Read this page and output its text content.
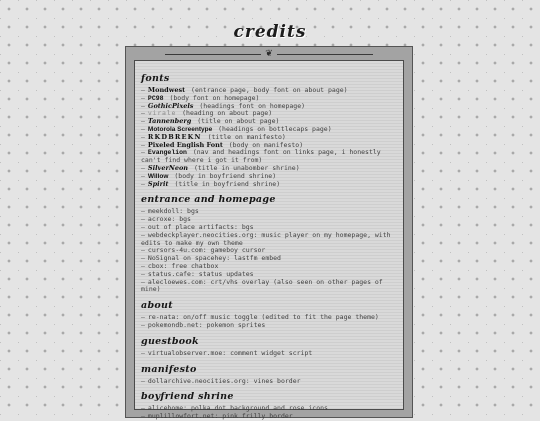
credits
❦
fonts
— Mondwest (entrance page, body font on about page)
— PC98 (body font on homepage)
— GothicPixels (headings font on homepage)
— virale (heading on about page)
— Tannenberg (title on about page)
— Motorola Screentype (headings on bottlecaps page)
— RKDBREKN (title on manifesto)
— Pixeled English Font (body on manifesto)
— Evangelion (nav and headings font on links page, i honestly can't find where i got it from)
— SilverNeon (title in unabomber shrine)
— Willow (body in boyfriend shrine)
— Spirit (title in boyfriend shrine)
entrance and homepage
— meekdoll: bgs
— acroxe: bgs
— out of place artifacts: bgs
— webdeckplayer.neocities.org: music player on my homepage, with edits to make my own theme
— cursors-4u.com: gameboy cursor
— NoSignal on spacehey: lastfm embed
— cbox: free chatbox
— status.cafe: status updates
— alecloewes.com: crt/vhs overlay (also seen on other pages of mine)
about
— re-nata: on/off music toggle (edited to fit the page theme)
— pokemondb.net: pokemon sprites
guestbook
— virtualobserver.moe: comment widget script
manifesto
— dollarchive.neocities.org: vines border
boyfriend shrine
— alicehome: polka dot background and rose icons
— muplillowfort.net: pink frilly border
